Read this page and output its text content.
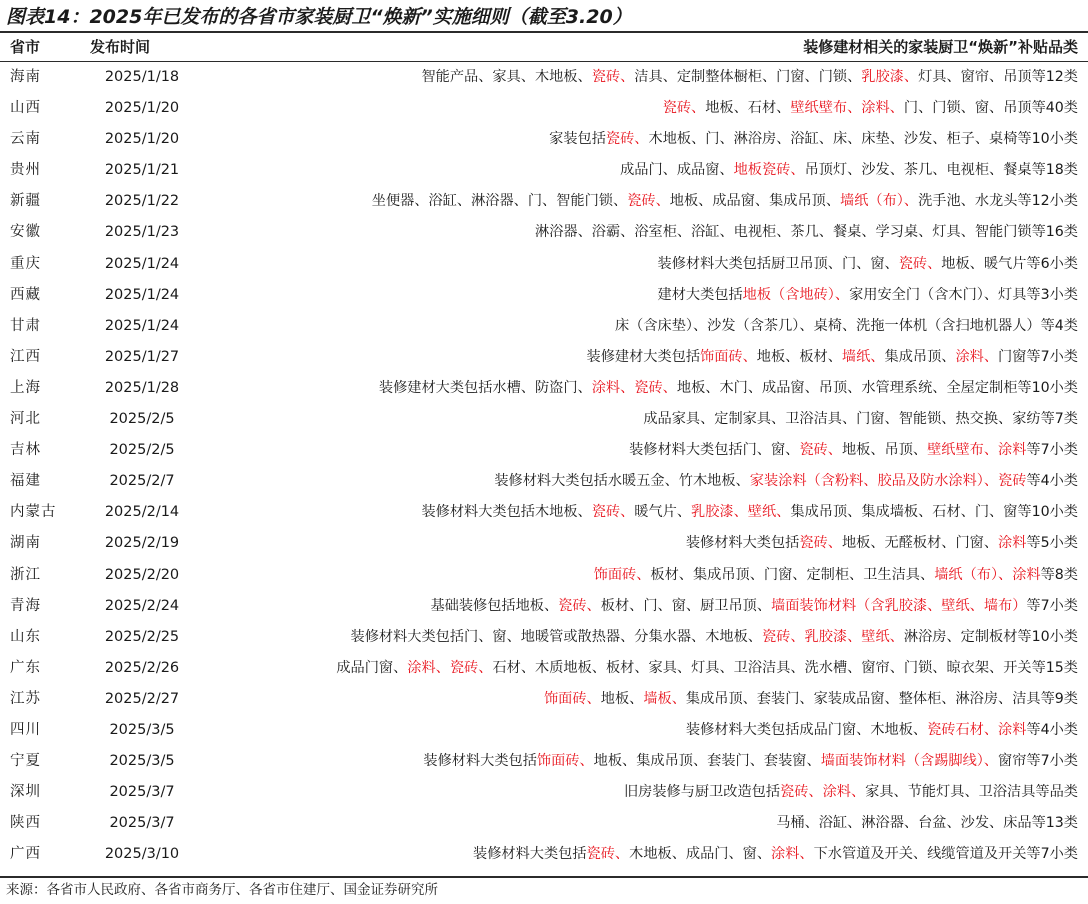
图表14：2025年已发布的各省市家装厨卫“焕新”实施细则（截至3.20）
省市	发布时间	装修建材相关的家装厨卫“焕新”补贴品类
海南	2025/1/18	智能产品、家具、木地板、瓷砖、洁具、定制整体橱柜、门窗、门锁、乳胶漆、灯具、窗帘、吊顶等12类
山西	2025/1/20	瓷砖、地板、石材、壁纸壁布、涂料、门、门锁、窗、吊顶等40类
云南	2025/1/20	家装包括瓷砖、木地板、门、淋浴房、浴缸、床、床垫、沙发、柜子、桌椅等10小类
贵州	2025/1/21	成品门、成品窗、地板瓷砖、吊顶灯、沙发、茶几、电视柜、餐桌等18类
新疆	2025/1/22	坐便器、浴缸、淋浴器、门、智能门锁、瓷砖、地板、成品窗、集成吊顶、墙纸（布）、洗手池、水龙头等12小类
安徽	2025/1/23	淋浴器、浴霸、浴室柜、浴缸、电视柜、茶几、餐桌、学习桌、灯具、智能门锁等16类
重庆	2025/1/24	装修材料大类包括厨卫吊顶、门、窗、瓷砖、地板、暖气片等6小类
西藏	2025/1/24	建材大类包括地板（含地砖）、家用安全门（含木门）、灯具等3小类
甘肃	2025/1/24	床（含床垫）、沙发（含茶几）、桌椅、洗拖一体机（含扫地机器人）等4类
江西	2025/1/27	装修建材大类包括饰面砖、地板、板材、墙纸、集成吊顶、涂料、门窗等7小类
上海	2025/1/28	装修建材大类包括水槽、防盗门、涂料、瓷砖、地板、木门、成品窗、吊顶、水管理系统、全屋定制柜等10小类
河北	2025/2/5	成品家具、定制家具、卫浴洁具、门窗、智能锁、热交换、家纺等7类
吉林	2025/2/5	装修材料大类包括门、窗、瓷砖、地板、吊顶、壁纸壁布、涂料等7小类
福建	2025/2/7	装修材料大类包括水暖五金、竹木地板、家装涂料（含粉料、胶品及防水涂料）、瓷砖等4小类
内蒙古	2025/2/14	装修材料大类包括木地板、瓷砖、暖气片、乳胶漆、壁纸、集成吊顶、集成墙板、石材、门、窗等10小类
湖南	2025/2/19	装修材料大类包括瓷砖、地板、无醛板材、门窗、涂料等5小类
浙江	2025/2/20	饰面砖、板材、集成吊顶、门窗、定制柜、卫生洁具、墙纸（布）、涂料等8类
青海	2025/2/24	基础装修包括地板、瓷砖、板材、门、窗、厨卫吊顶、墙面装饰材料（含乳胶漆、壁纸、墙布）等7小类
山东	2025/2/25	装修材料大类包括门、窗、地暖管或散热器、分集水器、木地板、瓷砖、乳胶漆、壁纸、淋浴房、定制板材等10小类
广东	2025/2/26	成品门窗、涂料、瓷砖、石材、木质地板、板材、家具、灯具、卫浴洁具、洗水槽、窗帘、门锁、晾衣架、开关等15类
江苏	2025/2/27	饰面砖、地板、墙板、集成吊顶、套装门、家装成品窗、整体柜、淋浴房、洁具等9类
四川	2025/3/5	装修材料大类包括成品门窗、木地板、瓷砖石材、涂料等4小类
宁夏	2025/3/5	装修材料大类包括饰面砖、地板、集成吊顶、套装门、套装窗、墙面装饰材料（含踢脚线）、窗帘等7小类
深圳	2025/3/7	旧房装修与厨卫改造包括瓷砖、涂料、家具、节能灯具、卫浴洁具等品类
陕西	2025/3/7	马桶、浴缸、淋浴器、台盆、沙发、床品等13类
广西	2025/3/10	装修材料大类包括瓷砖、木地板、成品门、窗、涂料、下水管道及开关、线缆管道及开关等7小类
来源：各省市人民政府、各省市商务厅、各省市住建厅、国金证券研究所
